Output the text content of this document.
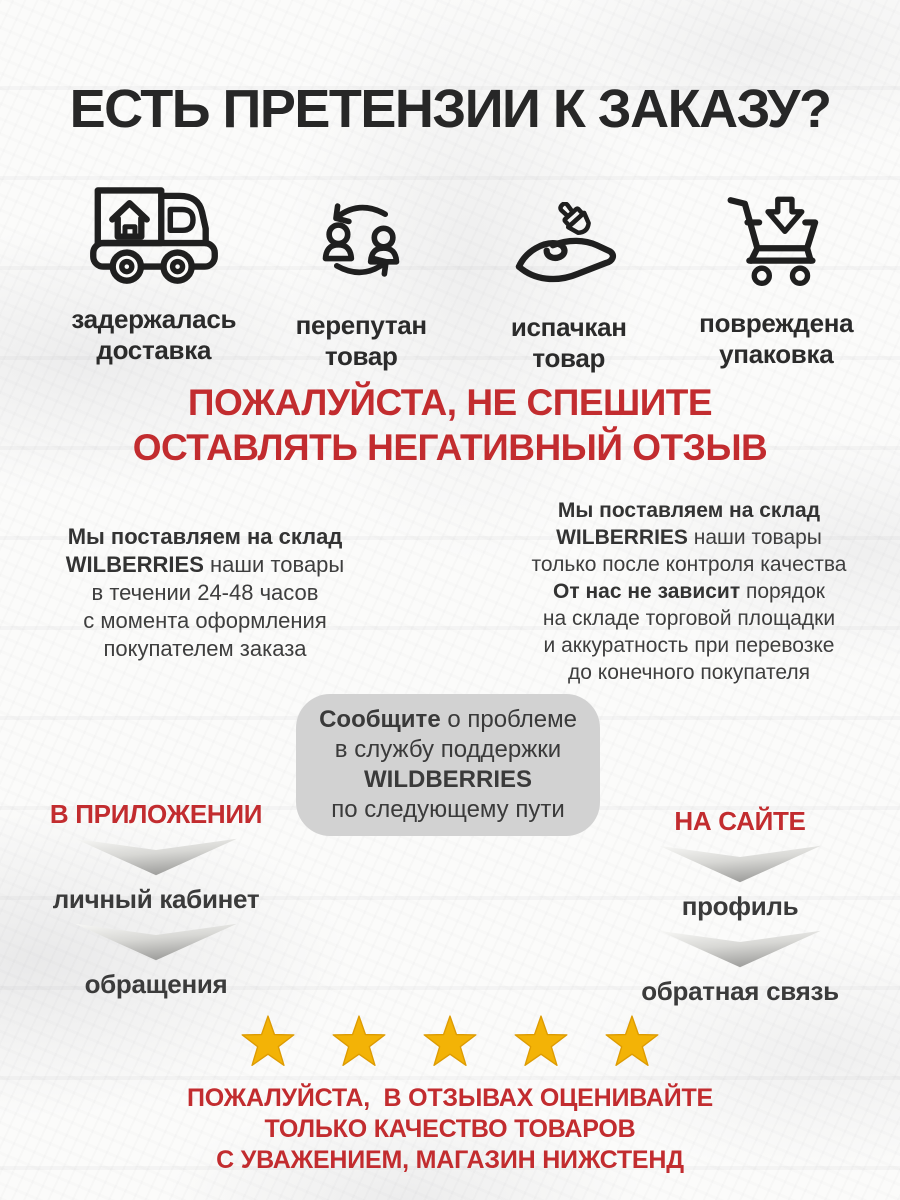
ЕСТЬ ПРЕТЕНЗИИ К ЗАКАЗУ?
задержалась
доставка
перепутан
товар
испачкан
товар
повреждена
упаковка
ПОЖАЛУЙСТА, НЕ СПЕШИТЕ
ОСТАВЛЯТЬ НЕГАТИВНЫЙ ОТЗЫВ
Мы поставляем на склад
WILBERRIES наши товары
в течении 24-48 часов
с момента оформления
покупателем заказа
Мы поставляем на склад
WILBERRIES наши товары
только после контроля качества
От нас не зависит порядок
на складе торговой площадки
и аккуратность при перевозке
до конечного покупателя
Сообщите о проблеме
в службу поддержки
WILDBERRIES
по следующему пути
В ПРИЛОЖЕНИИ
личный кабинет
обращения
НА САЙТЕ
профиль
обратная связь
ПОЖАЛУЙСТА,  В ОТЗЫВАХ ОЦЕНИВАЙТЕ
ТОЛЬКО КАЧЕСТВО ТОВАРОВ
С УВАЖЕНИЕМ, МАГАЗИН НИЖСТЕНД
